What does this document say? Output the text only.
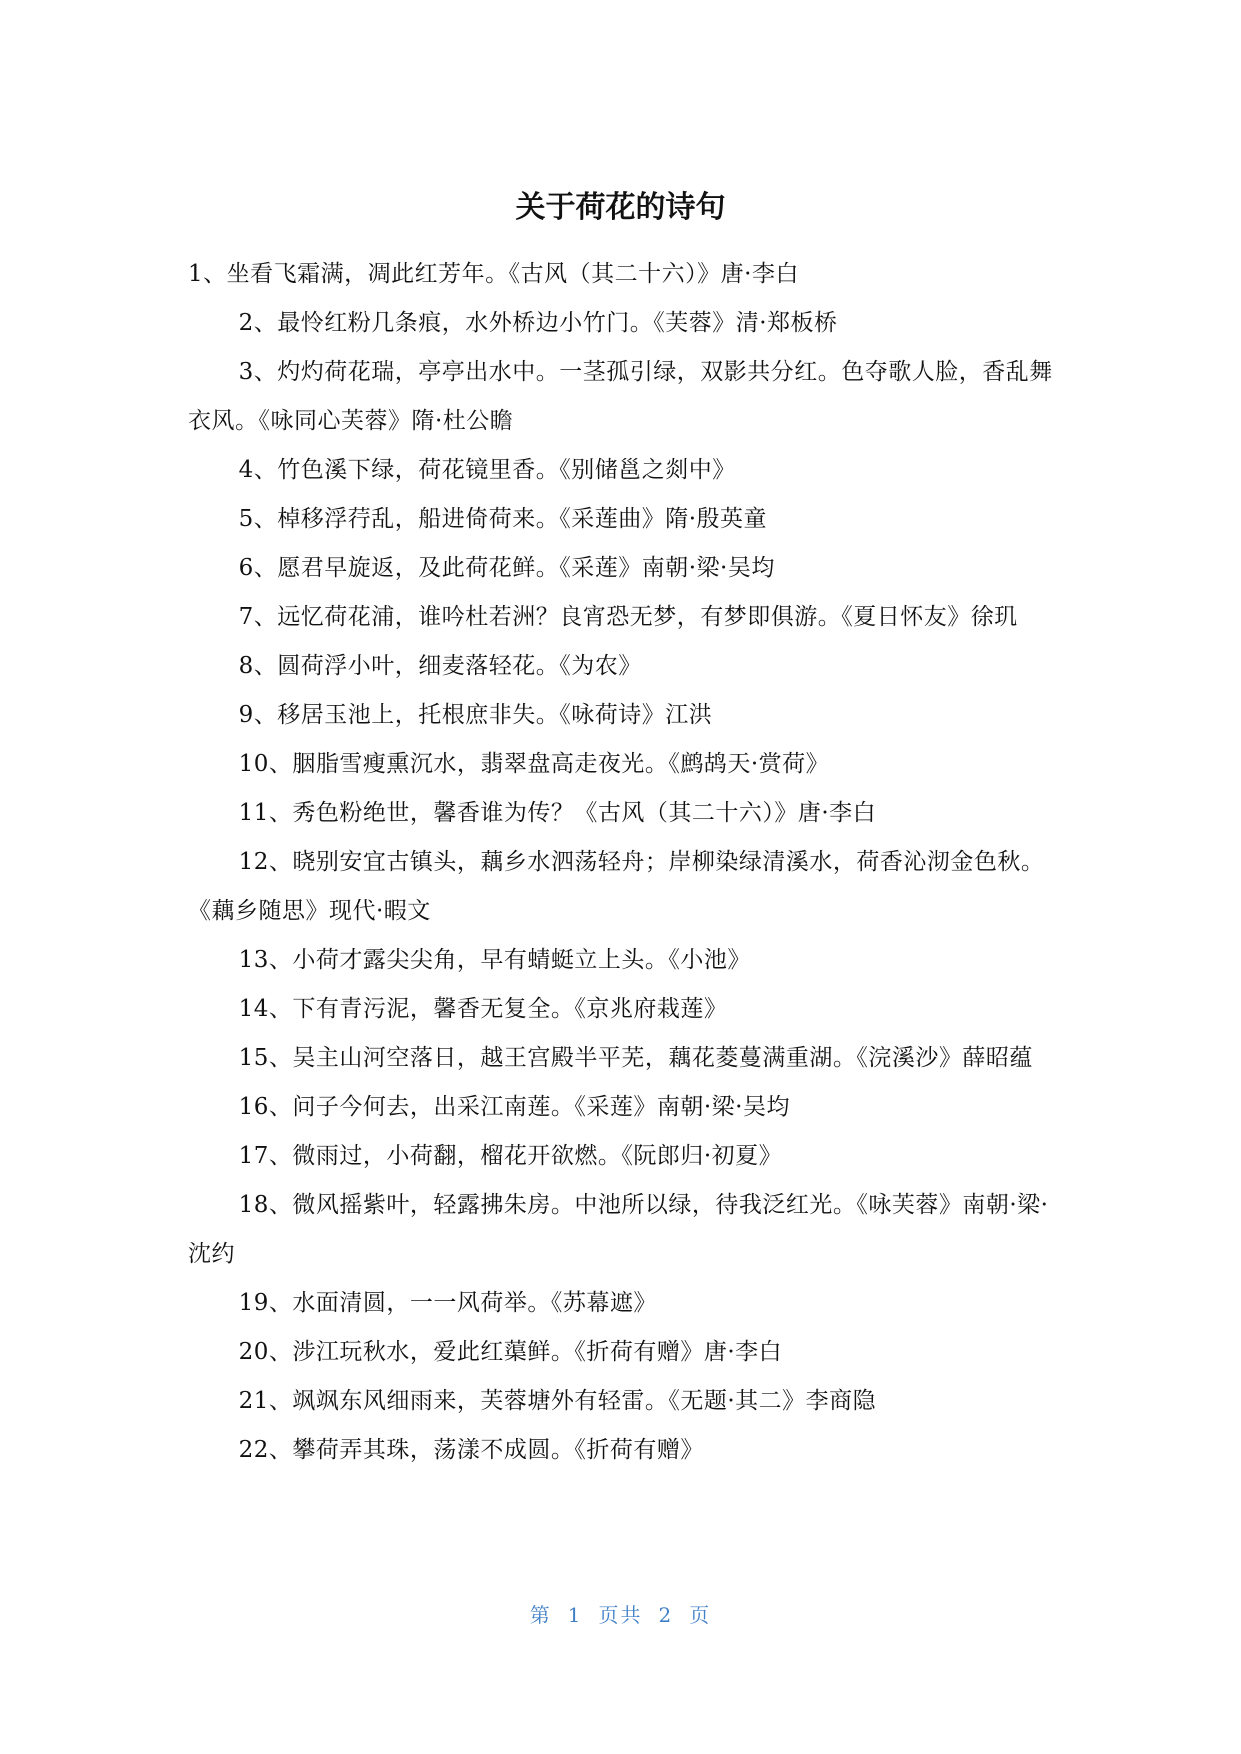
关于荷花的诗句

1、坐看飞霜满，凋此红芳年。《古风（其二十六）》唐·李白

2、最怜红粉几条痕，水外桥边小竹门。《芙蓉》清·郑板桥

3、灼灼荷花瑞，亭亭出水中。一茎孤引绿，双影共分红。色夺歌人脸，香乱舞衣风。《咏同心芙蓉》隋·杜公瞻

4、竹色溪下绿，荷花镜里香。《别储邕之剡中》

5、棹移浮荇乱，船进倚荷来。《采莲曲》隋·殷英童

6、愿君早旋返，及此荷花鲜。《采莲》南朝·梁·吴均

7、远忆荷花浦，谁吟杜若洲？良宵恐无梦，有梦即俱游。《夏日怀友》徐玑

8、圆荷浮小叶，细麦落轻花。《为农》

9、移居玉池上，托根庶非失。《咏荷诗》江洪

10、胭脂雪瘦熏沉水，翡翠盘高走夜光。《鹧鸪天·赏荷》

11、秀色粉绝世，馨香谁为传？《古风（其二十六）》唐·李白

12、晓别安宜古镇头，藕乡水泗荡轻舟；岸柳染绿清溪水，荷香沁沏金色秋。《藕乡随思》现代·暇文

13、小荷才露尖尖角，早有蜻蜓立上头。《小池》

14、下有青污泥，馨香无复全。《京兆府栽莲》

15、吴主山河空落日，越王宫殿半平芜，藕花菱蔓满重湖。《浣溪沙》薛昭蕴

16、问子今何去，出采江南莲。《采莲》南朝·梁·吴均

17、微雨过，小荷翻，榴花开欲燃。《阮郎归·初夏》

18、微风摇紫叶，轻露拂朱房。中池所以绿，待我泛红光。《咏芙蓉》南朝·梁·沈约

19、水面清圆，一一风荷举。《苏幕遮》

20、涉江玩秋水，爱此红蕖鲜。《折荷有赠》唐·李白

21、飒飒东风细雨来，芙蓉塘外有轻雷。《无题·其二》李商隐

22、攀荷弄其珠，荡漾不成圆。《折荷有赠》

第 1 页共 2 页
